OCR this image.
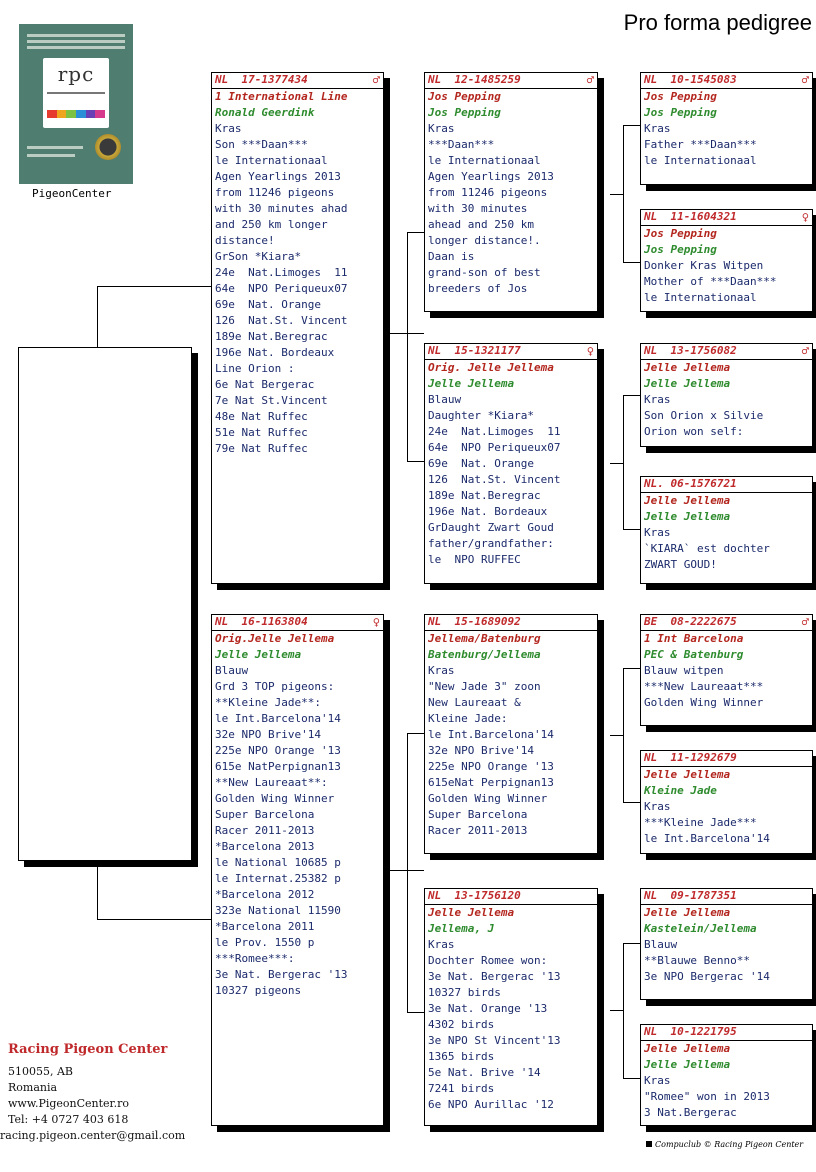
Pro forma pedigree
rpc
PigeonCenter
NL  17-1377434	♂
1 International Line
Ronald Geerdink
Kras
Son ***Daan***
le Internationaal
Agen Yearlings 2013
from 11246 pigeons
with 30 minutes ahad
and 250 km longer
distance!
GrSon *Kiara*
24e  Nat.Limoges  11
64e  NPO Periqueux07
69e  Nat. Orange
126  Nat.St. Vincent
189e Nat.Beregrac
196e Nat. Bordeaux
Line Orion :
6e Nat Bergerac
7e Nat St.Vincent
48e Nat Ruffec
51e Nat Ruffec
79e Nat Ruffec
NL  16-1163804	♀
Orig.Jelle Jellema
Jelle Jellema
Blauw
Grd 3 TOP pigeons:
**Kleine Jade**:
le Int.Barcelona'14
32e NPO Brive'14
225e NPO Orange '13
615e NatPerpignan13
**New Laureaat**:
Golden Wing Winner
Super Barcelona
Racer 2011-2013
*Barcelona 2013
le National 10685 p
le Internat.25382 p
*Barcelona 2012
323e National 11590
*Barcelona 2011
le Prov. 1550 p
***Romee***:
3e Nat. Bergerac '13
10327 pigeons
NL  12-1485259	♂
Jos Pepping
Jos Pepping
Kras
***Daan***
le Internationaal
Agen Yearlings 2013
from 11246 pigeons
with 30 minutes
ahead and 250 km
longer distance!.
Daan is
grand-son of best
breeders of Jos
NL  15-1321177	♀
Orig. Jelle Jellema
Jelle Jellema
Blauw
Daughter *Kiara*
24e  Nat.Limoges  11
64e  NPO Periqueux07
69e  Nat. Orange
126  Nat.St. Vincent
189e Nat.Beregrac
196e Nat. Bordeaux
GrDaught Zwart Goud
father/grandfather:
le  NPO RUFFEC
NL  15-1689092
Jellema/Batenburg
Batenburg/Jellema
Kras
"New Jade 3" zoon
New Laureaat &
Kleine Jade:
le Int.Barcelona'14
32e NPO Brive'14
225e NPO Orange '13
615eNat Perpignan13
Golden Wing Winner
Super Barcelona
Racer 2011-2013
NL  13-1756120
Jelle Jellema
Jellema, J
Kras
Dochter Romee won:
3e Nat. Bergerac '13
10327 birds
3e Nat. Orange '13
4302 birds
3e NPO St Vincent'13
1365 birds
5e Nat. Brive '14
7241 birds
6e NPO Aurillac '12
NL  10-1545083	♂
Jos Pepping
Jos Pepping
Kras
Father ***Daan***
le Internationaal
NL  11-1604321	♀
Jos Pepping
Jos Pepping
Donker Kras Witpen
Mother of ***Daan***
le Internationaal
NL  13-1756082	♂
Jelle Jellema
Jelle Jellema
Kras
Son Orion x Silvie
Orion won self:
NL. 06-1576721
Jelle Jellema
Jelle Jellema
Kras
`KIARA` est dochter
ZWART GOUD!
BE  08-2222675	♂
1 Int Barcelona
PEC & Batenburg
Blauw witpen
***New Laureaat***
Golden Wing Winner
NL  11-1292679
Jelle Jellema
Kleine Jade
Kras
***Kleine Jade***
le Int.Barcelona'14
NL  09-1787351
Jelle Jellema
Kastelein/Jellema
Blauw
**Blauwe Benno**
3e NPO Bergerac '14
NL  10-1221795
Jelle Jellema
Jelle Jellema
Kras
"Romee" won in 2013
3 Nat.Bergerac
Racing Pigeon Center
510055, AB
Romania
www.PigeonCenter.ro
Tel: +4 0727 403 618
racing.pigeon.center@gmail.com
Compuclub © Racing Pigeon Center
